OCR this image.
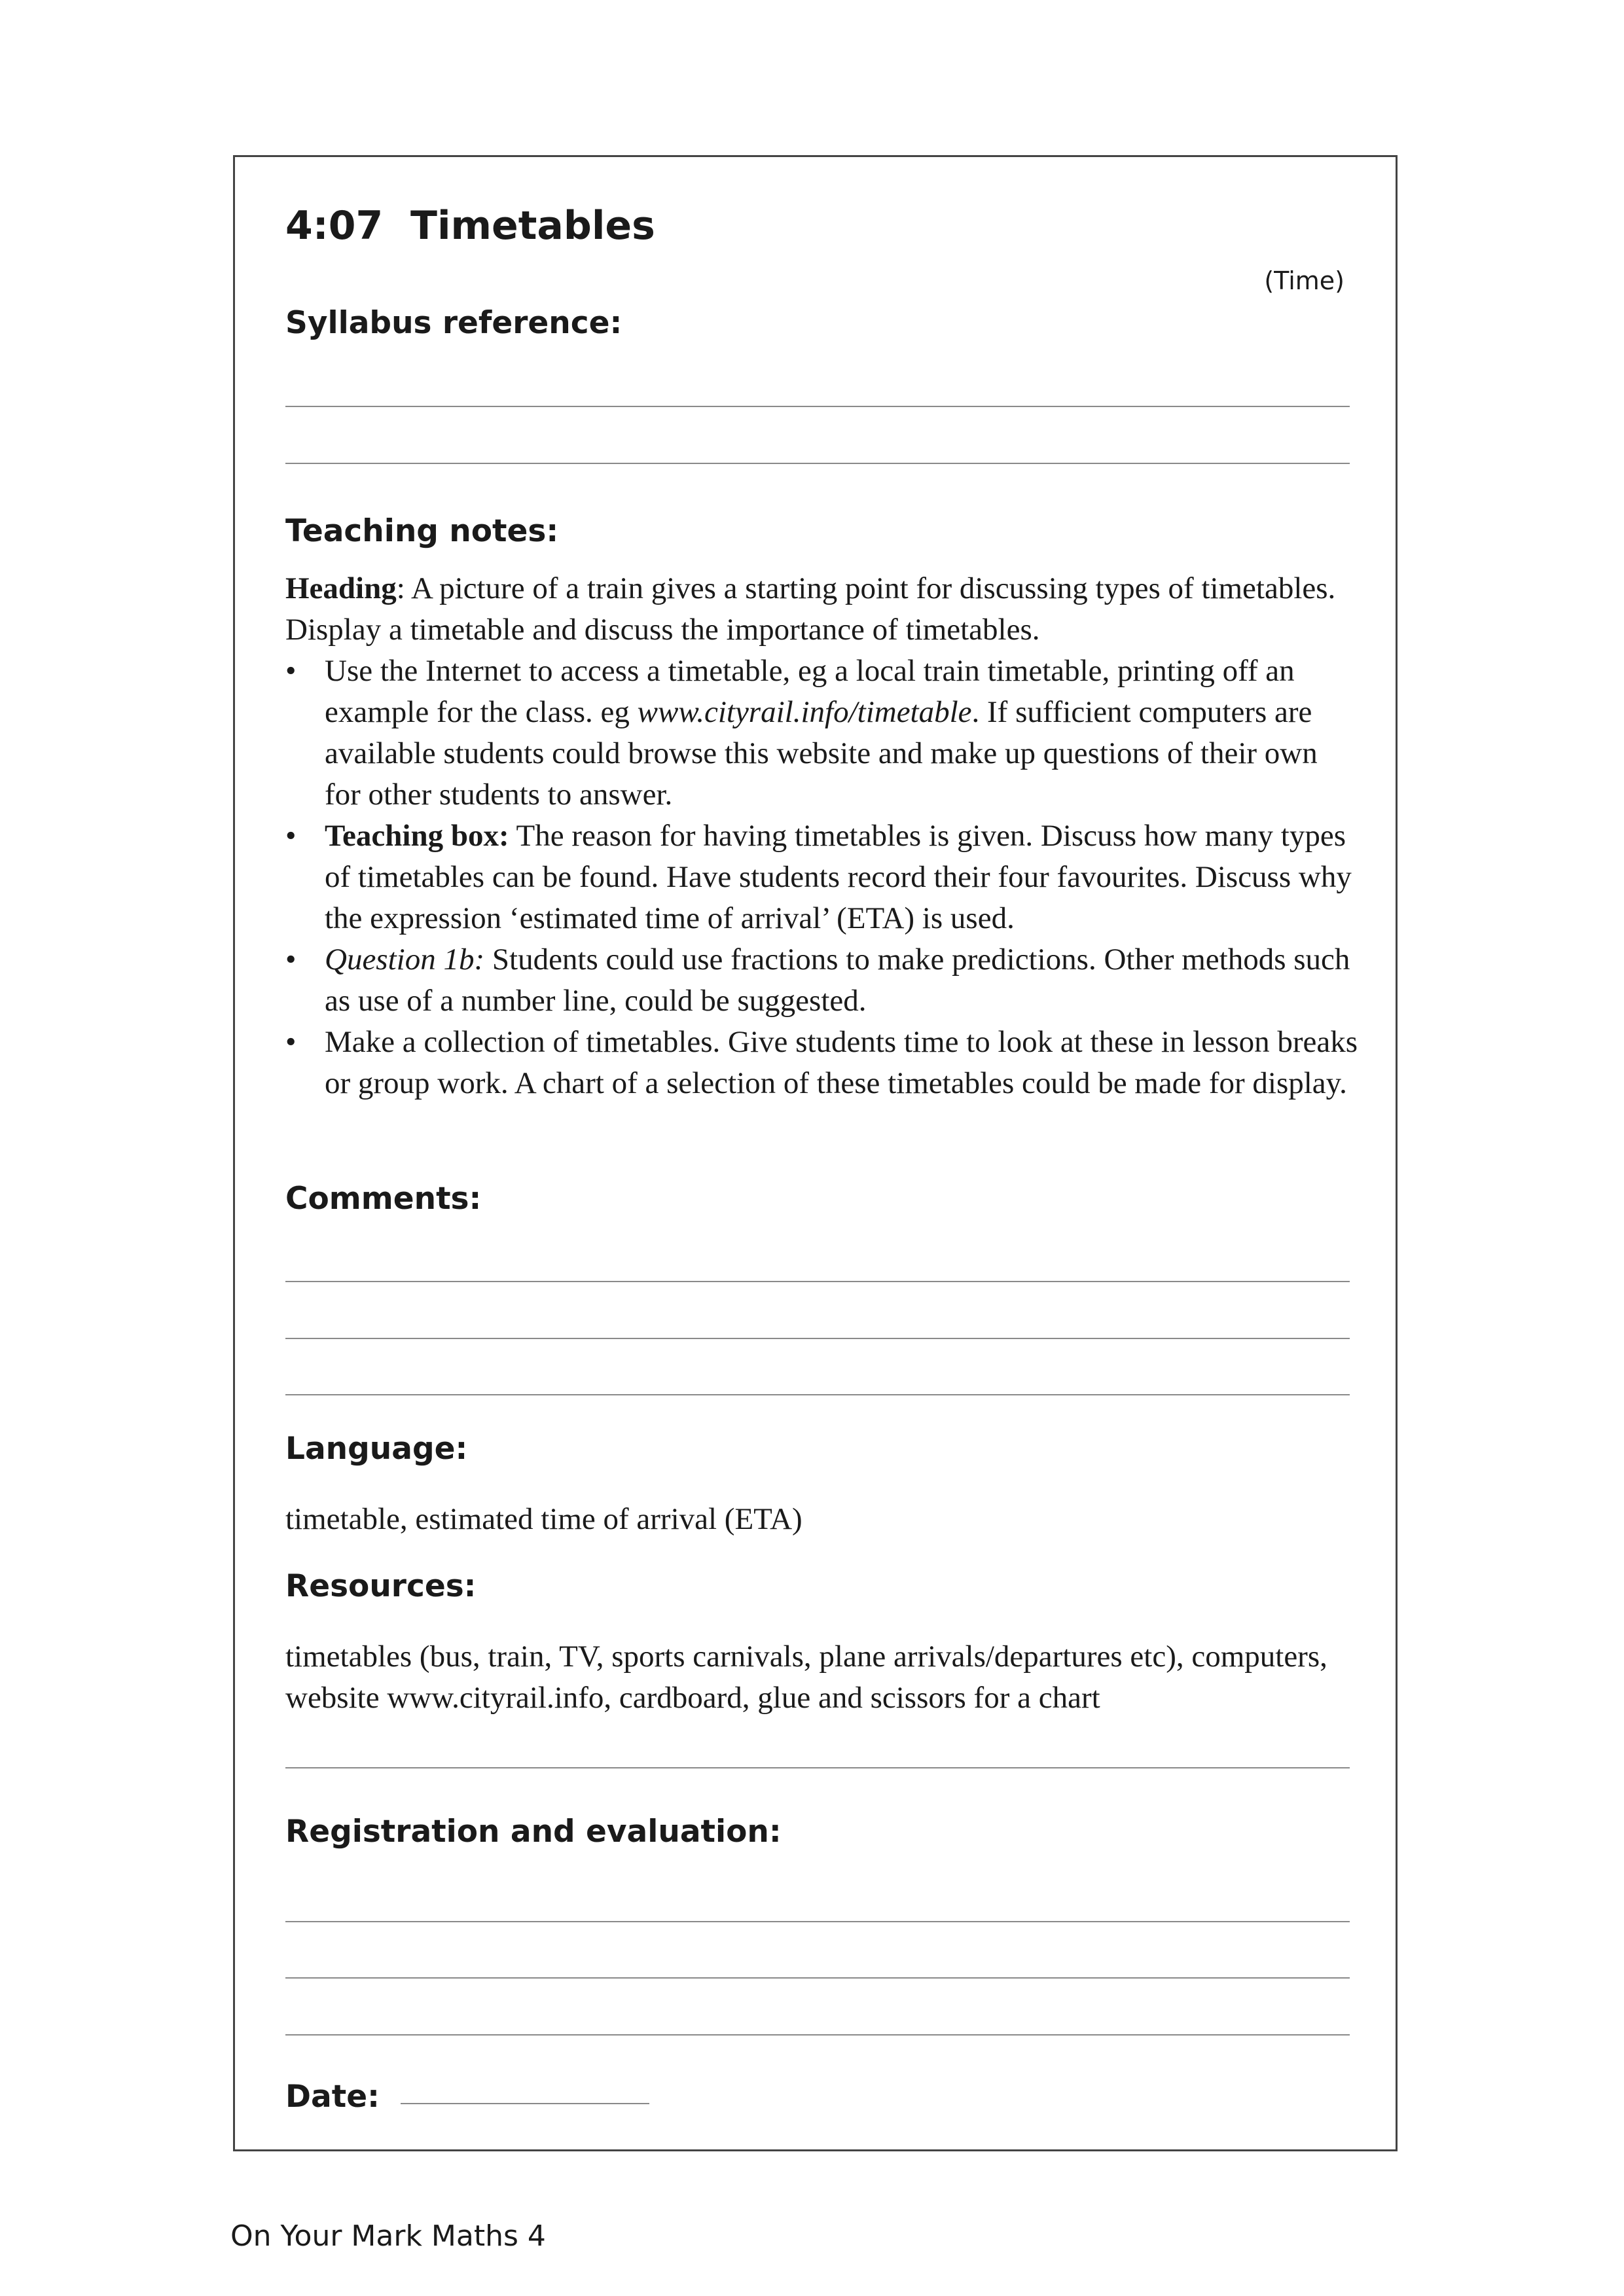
4:07  Timetables
(Time)
Syllabus reference:
Teaching notes:
Heading: A picture of a train gives a starting point for discussing types of timetables. Display a timetable and discuss the importance of timetables.
• Use the Internet to access a timetable, eg a local train timetable, printing off an example for the class. eg www.cityrail.info/timetable. If sufficient computers are available students could browse this website and make up questions of their own for other students to answer.
• Teaching box: The reason for having timetables is given. Discuss how many types of timetables can be found. Have students record their four favourites. Discuss why the expression ‘estimated time of arrival’ (ETA) is used.
• Question 1b: Students could use fractions to make predictions. Other methods such as use of a number line, could be suggested.
• Make a collection of timetables. Give students time to look at these in lesson breaks or group work. A chart of a selection of these timetables could be made for display.
Comments:
Language:
timetable, estimated time of arrival (ETA)
Resources:
timetables (bus, train, TV, sports carnivals, plane arrivals/departures etc), computers, website www.cityrail.info, cardboard, glue and scissors for a chart
Registration and evaluation:
Date:
On Your Mark Maths 4
